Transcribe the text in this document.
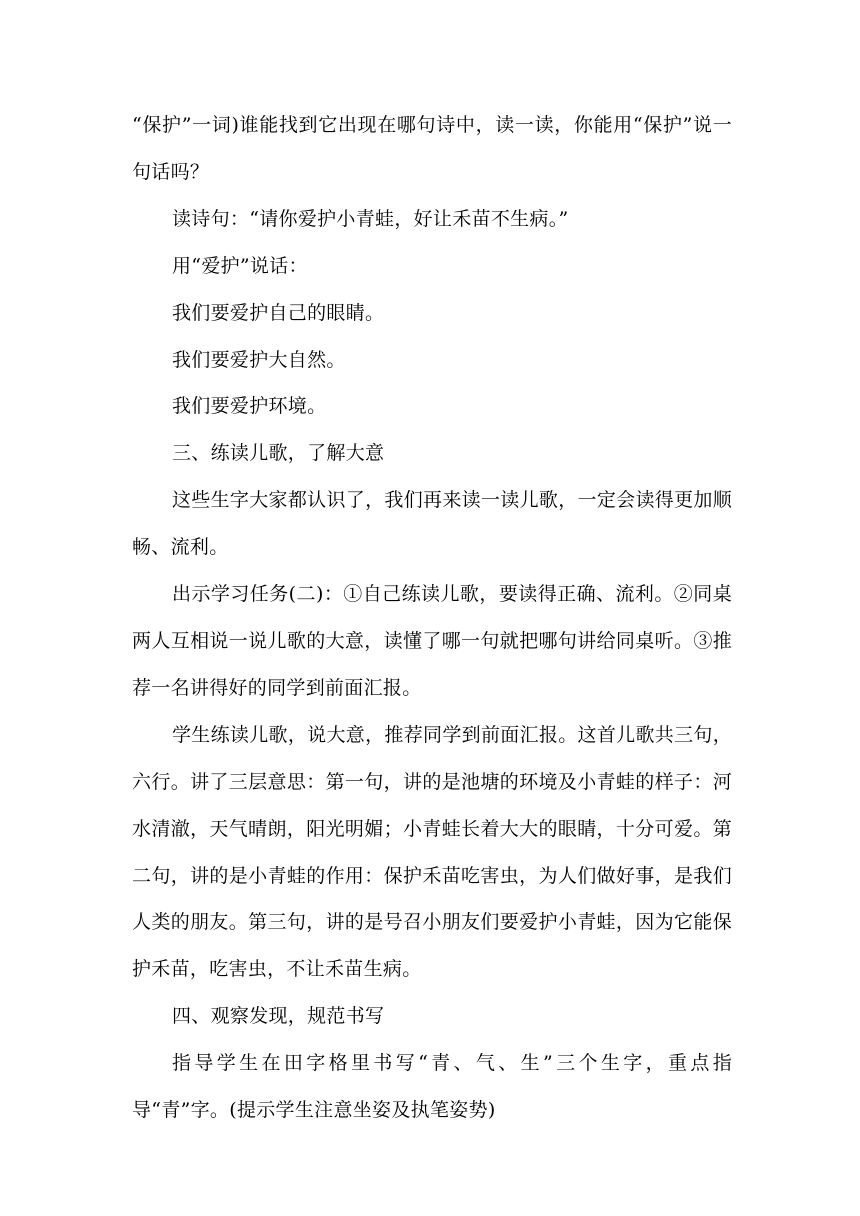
“保护”一词)谁能找到它出现在哪句诗中，读一读，你能用“保护”说一句话吗？

读诗句：“请你爱护小青蛙，好让禾苗不生病。”

用“爱护”说话：

我们要爱护自己的眼睛。

我们要爱护大自然。

我们要爱护环境。

三、练读儿歌，了解大意

这些生字大家都认识了，我们再来读一读儿歌，一定会读得更加顺畅、流利。

出示学习任务(二)：①自己练读儿歌，要读得正确、流利。②同桌两人互相说一说儿歌的大意，读懂了哪一句就把哪句讲给同桌听。③推荐一名讲得好的同学到前面汇报。

学生练读儿歌，说大意，推荐同学到前面汇报。这首儿歌共三句，六行。讲了三层意思：第一句，讲的是池塘的环境及小青蛙的样子：河水清澈，天气晴朗，阳光明媚；小青蛙长着大大的眼睛，十分可爱。第二句，讲的是小青蛙的作用：保护禾苗吃害虫，为人们做好事，是我们人类的朋友。第三句，讲的是号召小朋友们要爱护小青蛙，因为它能保护禾苗，吃害虫，不让禾苗生病。

四、观察发现，规范书写

指导学生在田字格里书写“青、气、生”三个生字，重点指导“青”字。(提示学生注意坐姿及执笔姿势)
